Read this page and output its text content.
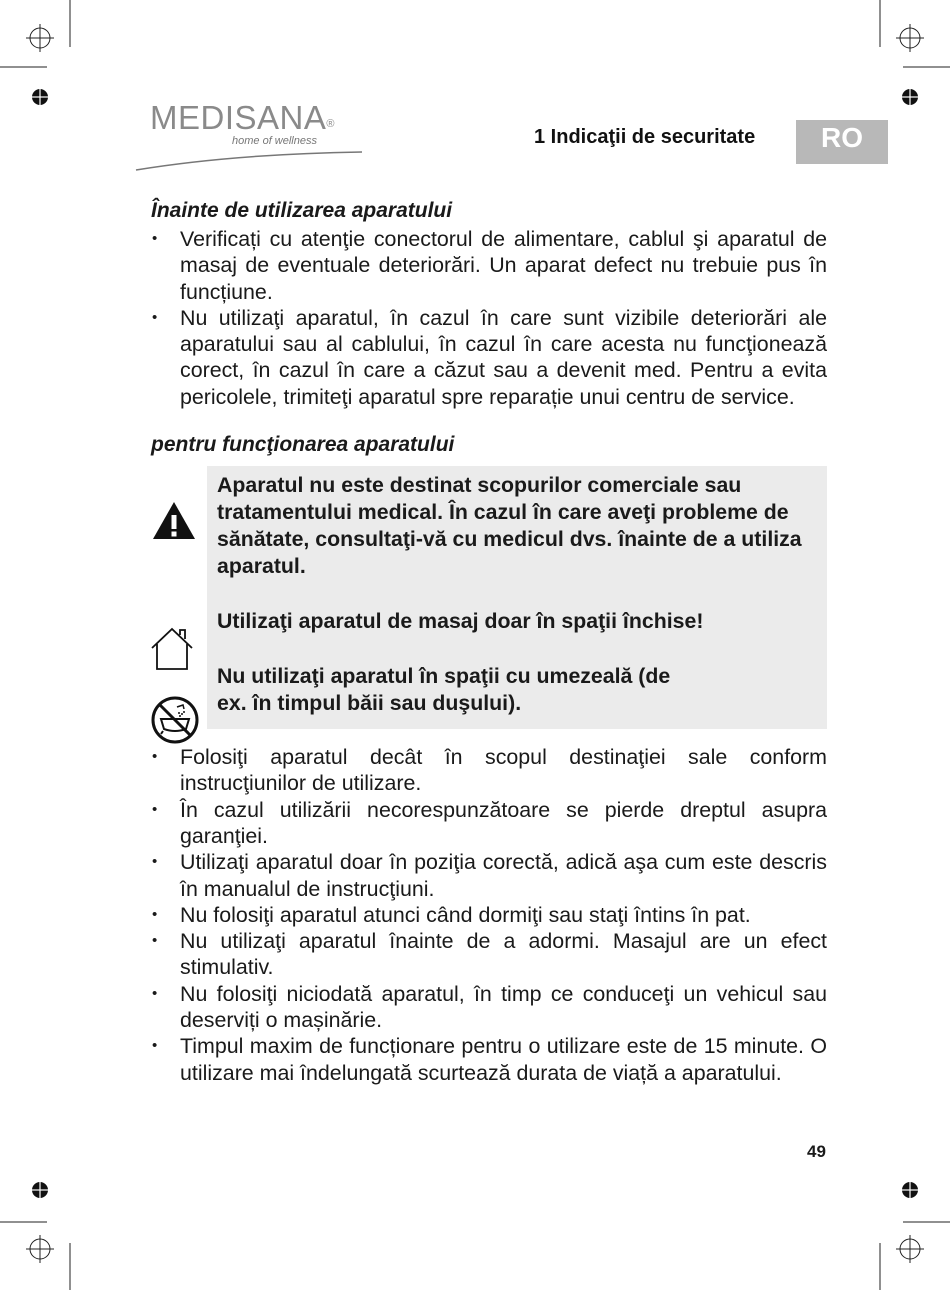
MEDISANA®
home of wellness	1 Indicaţii de securitate	RO
Înainte de utilizarea aparatului
• Verificați cu atenţie conectorul de alimentare, cablul şi aparatul de masaj de eventuale deteriorări. Un aparat defect nu trebuie pus în funcțiune.
• Nu utilizaţi aparatul, în cazul în care sunt vizibile deteriorări ale aparatului sau al cablului, în cazul în care acesta nu funcţionează corect, în cazul în care a căzut sau a devenit med. Pentru a evita pericolele, trimiteţi aparatul spre reparație unui centru de service.
pentru funcţionarea aparatului

Aparatul nu este destinat scopurilor comerciale sau tratamentului medical. În cazul în care aveţi probleme de sănătate, consultaţi-vă cu medicul dvs. înainte de a utiliza aparatul.

Utilizaţi aparatul de masaj doar în spaţii închise!

Nu utilizaţi aparatul în spaţii cu umezeală (de ex. în timpul băii sau duşului).

• Folosiţi aparatul decât în scopul destinaţiei sale conform instrucţiunilor de utilizare.
• În cazul utilizării necorespunzătoare se pierde dreptul asupra garanţiei.
• Utilizaţi aparatul doar în poziţia corectă, adică aşa cum este descris în manualul de instrucţiuni.
• Nu folosiţi aparatul atunci când dormiţi sau staţi întins în pat.
• Nu utilizaţi aparatul înainte de a adormi. Masajul are un efect stimulativ.
• Nu folosiţi niciodată aparatul, în timp ce conduceţi un vehicul sau deserviți o mașinărie.
• Timpul maxim de funcționare pentru o utilizare este de 15 minute. O utilizare mai îndelungată scurtează durata de viață a aparatului.
49
